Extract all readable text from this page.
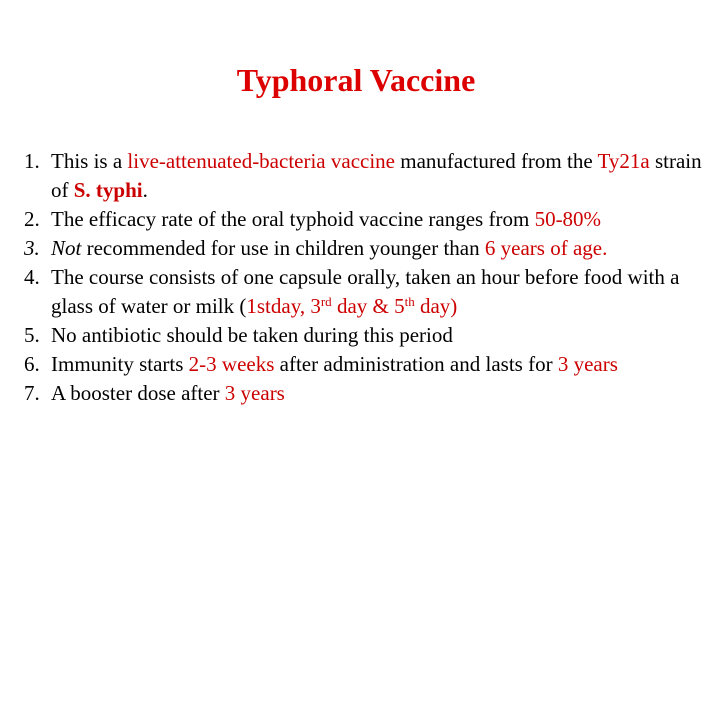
Typhoral Vaccine
1. This is a live-attenuated-bacteria vaccine manufactured from the Ty21a strain of S. typhi.
2. The efficacy rate of the oral typhoid vaccine ranges from 50-80%
3. Not recommended for use in children younger than 6 years of age.
4. The course consists of one capsule orally, taken an hour before food with a glass of water or milk (1stday, 3rd day & 5th day)
5. No antibiotic should be taken during this period
6. Immunity starts 2-3 weeks after administration and lasts for 3 years
7. A booster dose after 3 years
